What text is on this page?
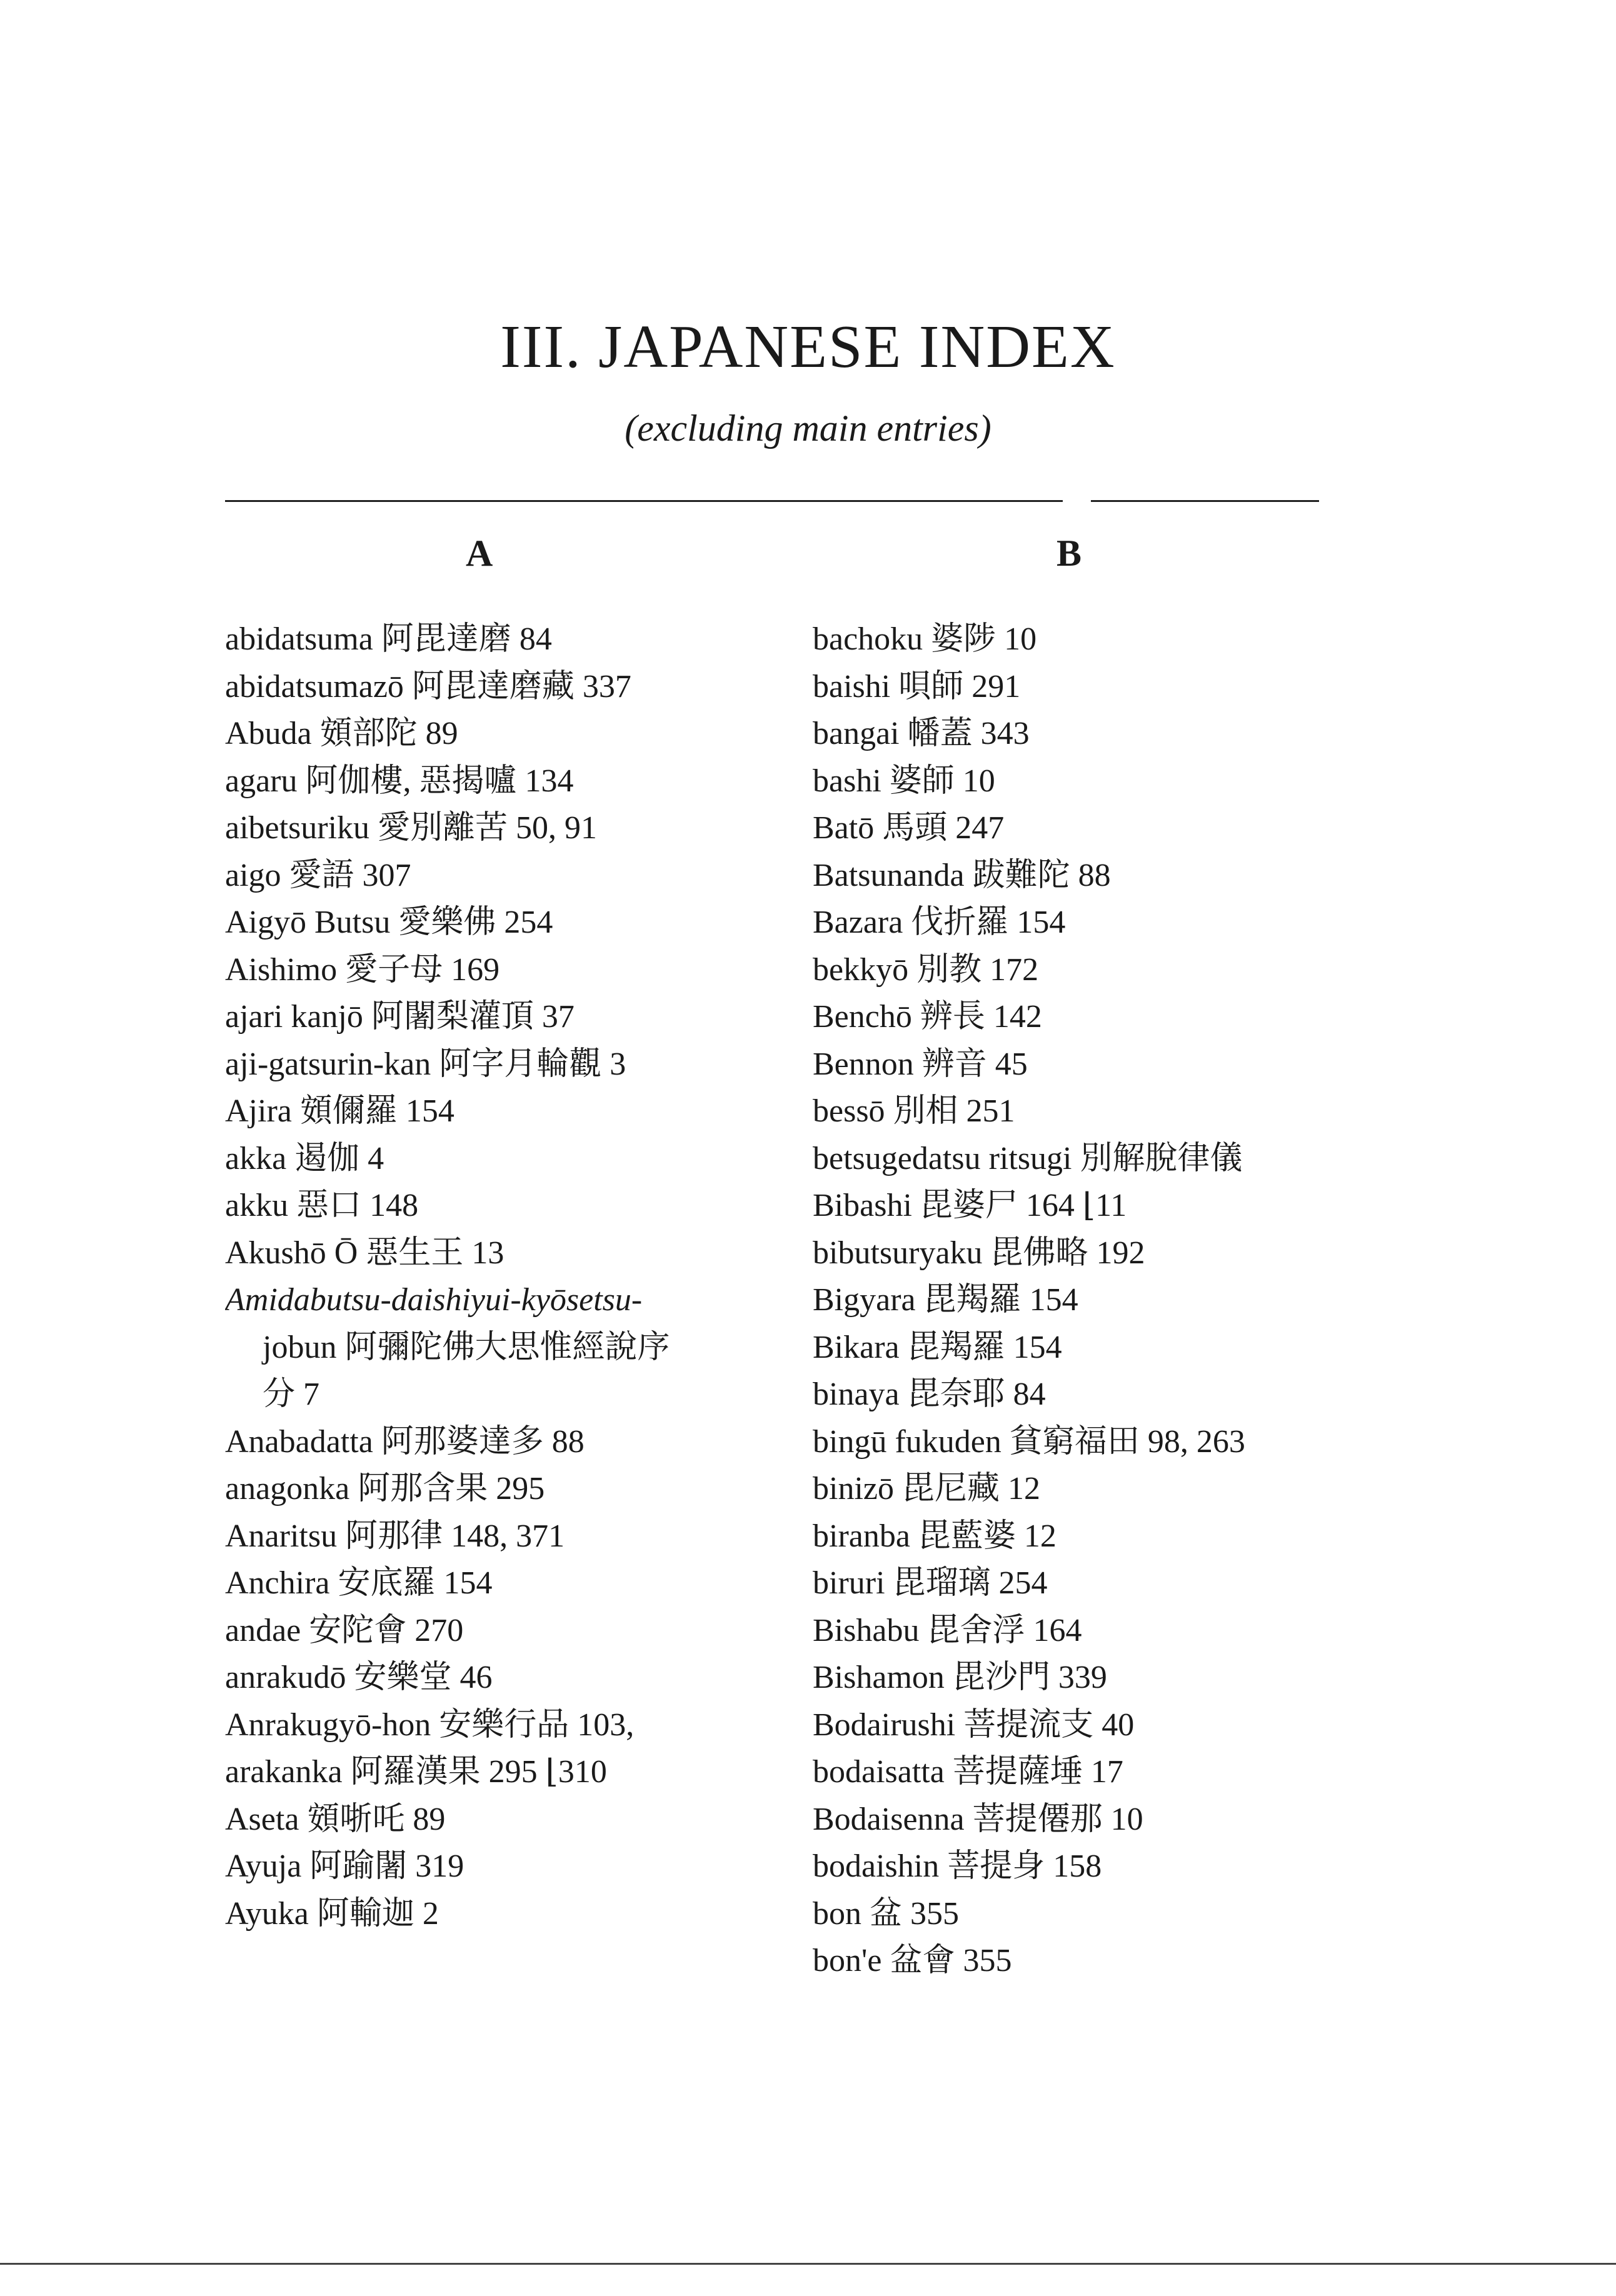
III. JAPANESE INDEX
(excluding main entries)
A
abidatsuma 阿毘達磨 84
abidatsumazō 阿毘達磨藏 337
Abuda 頞部陀 89
agaru 阿伽樓, 惡揭嚧 134
aibetsuriku 愛別離苦 50, 91
aigo 愛語 307
Aigyō Butsu 愛樂佛 254
Aishimo 愛子母 169
ajari kanjō 阿闍梨灌頂 37
aji-gatsurin-kan 阿字月輪觀 3
Ajira 頞儞羅 154
akka 遏伽 4
akku 惡口 148
Akushō Ō 惡生王 13
Amidabutsu-daishiyui-kyōsetsu-
jobun 阿彌陀佛大思惟經說序
分 7
Anabadatta 阿那婆達多 88
anagonka 阿那含果 295
Anaritsu 阿那律 148, 371
Anchira 安底羅 154
andae 安陀會 270
anrakudō 安樂堂 46
Anrakugyō-hon 安樂行品 103,
arakanka 阿羅漢果 295 ⌊310
Aseta 頞哳吒 89
Ayuja 阿踰闍 319
Ayuka 阿輸迦 2
B
bachoku 婆陟 10
baishi 唄師 291
bangai 幡蓋 343
bashi 婆師 10
Batō 馬頭 247
Batsunanda 跋難陀 88
Bazara 伐折羅 154
bekkyō 別教 172
Benchō 辨長 142
Bennon 辨音 45
bessō 別相 251
betsugedatsu ritsugi 別解脫律儀
Bibashi 毘婆尸 164 ⌊11
bibutsuryaku 毘佛略 192
Bigyara 毘羯羅 154
Bikara 毘羯羅 154
binaya 毘奈耶 84
bingū fukuden 貧窮福田 98, 263
binizō 毘尼藏 12
biranba 毘藍婆 12
biruri 毘瑠璃 254
Bishabu 毘舍浮 164
Bishamon 毘沙門 339
Bodairushi 菩提流支 40
bodaisatta 菩提薩埵 17
Bodaisenna 菩提僊那 10
bodaishin 菩提身 158
bon 盆 355
bon'e 盆會 355
